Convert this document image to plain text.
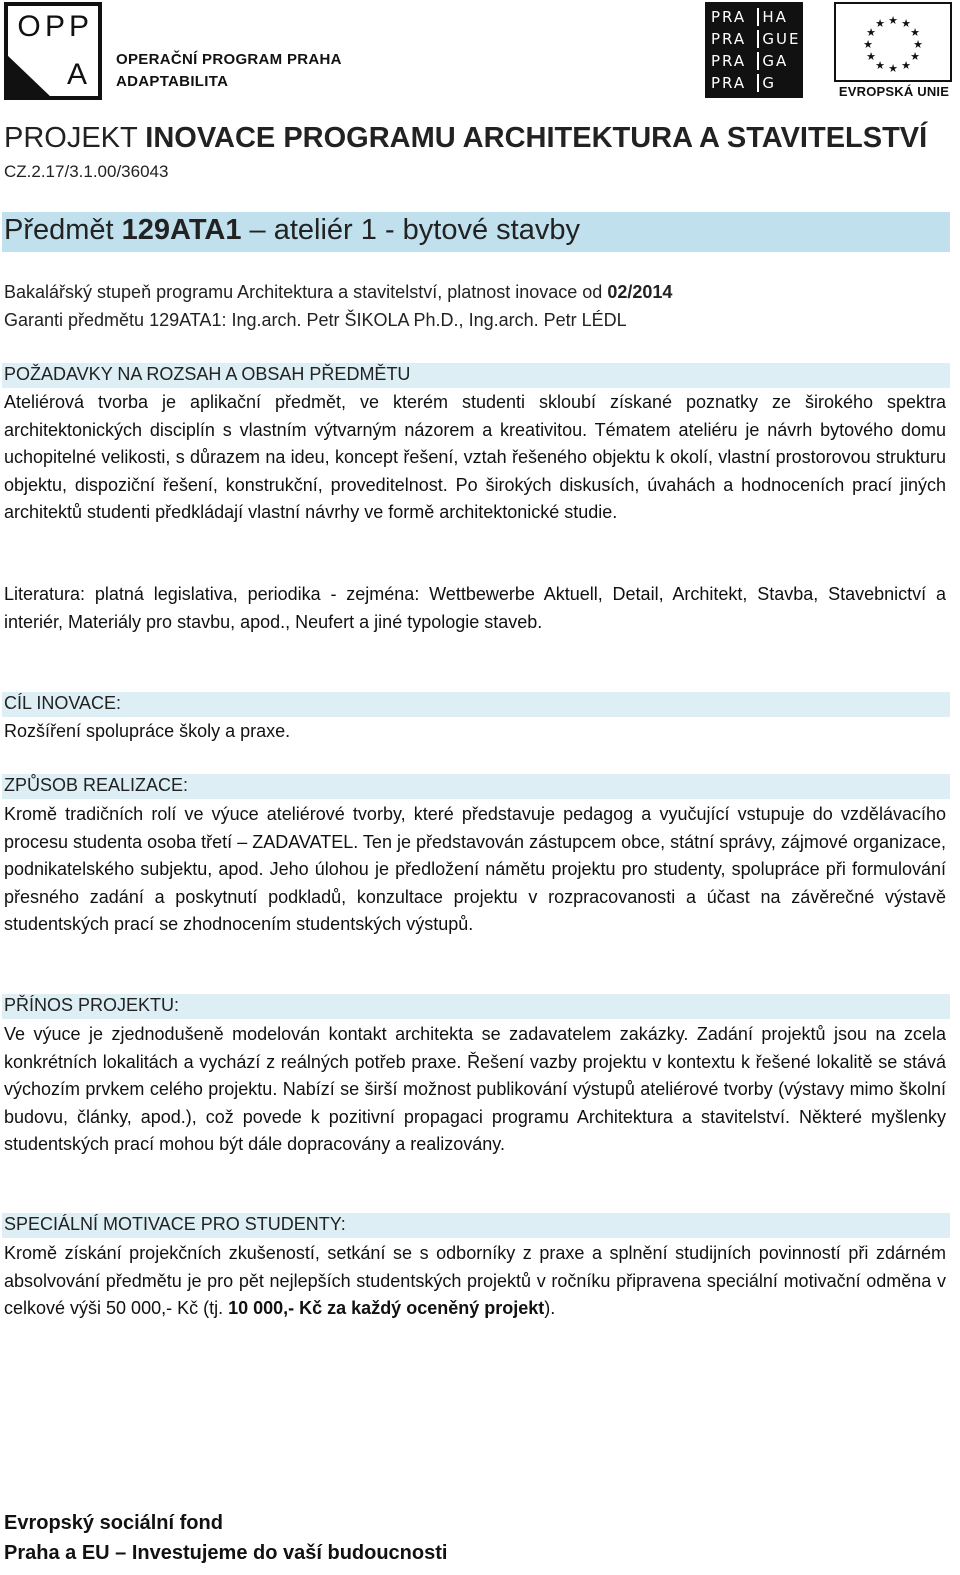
O P P
A	OPERAČNÍ PROGRAM PRAHA
ADAPTABILITA
PRA	HA
PRA	GUE
PRA	GA
PRA	G
★ ★
★
★
★
★
★
★
★
★
★
★
EVROPSKÁ UNIE
PROJEKT INOVACE PROGRAMU ARCHITEKTURA A STAVITELSTVÍ
CZ.2.17/3.1.00/36043
Předmět 129ATA1 – ateliér 1 - bytové stavby
Bakalářský stupeň programu Architektura a stavitelství, platnost inovace od 02/2014
Garanti předmětu 129ATA1: Ing.arch. Petr ŠIKOLA Ph.D., Ing.arch. Petr LÉDL
POŽADAVKY NA ROZSAH A OBSAH PŘEDMĚTU
Ateliérová tvorba je aplikační předmět, ve kterém studenti skloubí získané poznatky ze širokého spektra architektonických disciplín s vlastním výtvarným názorem a kreativitou. Tématem ateliéru je návrh bytového domu uchopitelné velikosti, s důrazem na ideu, koncept řešení, vztah řešeného objektu k okolí, vlastní prostorovou strukturu objektu, dispoziční řešení, konstrukční, proveditelnost. Po širokých diskusích, úvahách a hodnoceních prací jiných architektů studenti předkládají vlastní návrhy ve formě architektonické studie.
Literatura: platná legislativa, periodika - zejména: Wettbewerbe Aktuell, Detail, Architekt, Stavba, Stavebnictví a interiér, Materiály pro stavbu, apod., Neufert a jiné typologie staveb.
CÍL INOVACE:
Rozšíření spolupráce školy a praxe.
ZPŮSOB REALIZACE:
Kromě tradičních rolí ve výuce ateliérové tvorby, které představuje pedagog a vyučující vstupuje do vzdělávacího procesu studenta osoba třetí – ZADAVATEL. Ten je představován zástupcem obce, státní správy, zájmové organizace, podnikatelského subjektu, apod. Jeho úlohou je předložení námětu projektu pro studenty, spolupráce při formulování přesného zadání a poskytnutí podkladů, konzultace projektu v rozpracovanosti a účast na závěrečné výstavě studentských prací se zhodnocením studentských výstupů.
PŘÍNOS PROJEKTU:
Ve výuce je zjednodušeně modelován kontakt architekta se zadavatelem zakázky. Zadání projektů jsou na zcela konkrétních lokalitách a vychází z reálných potřeb praxe. Řešení vazby projektu v kontextu k řešené lokalitě se stává výchozím prvkem celého projektu. Nabízí se širší možnost publikování výstupů ateliérové tvorby (výstavy mimo školní budovu, články, apod.), což povede k pozitivní propagaci programu Architektura a stavitelství. Některé myšlenky studentských prací mohou být dále dopracovány a realizovány.
SPECIÁLNÍ MOTIVACE PRO STUDENTY:
Kromě získání projekčních zkušeností, setkání se s odborníky z praxe a splnění studijních povinností při zdárném absolvování předmětu je pro pět nejlepších studentských projektů v ročníku připravena speciální motivační odměna v celkové výši 50 000,- Kč (tj. 10 000,- Kč za každý oceněný projekt).
Evropský sociální fond
Praha a EU – Investujeme do vaší budoucnosti
